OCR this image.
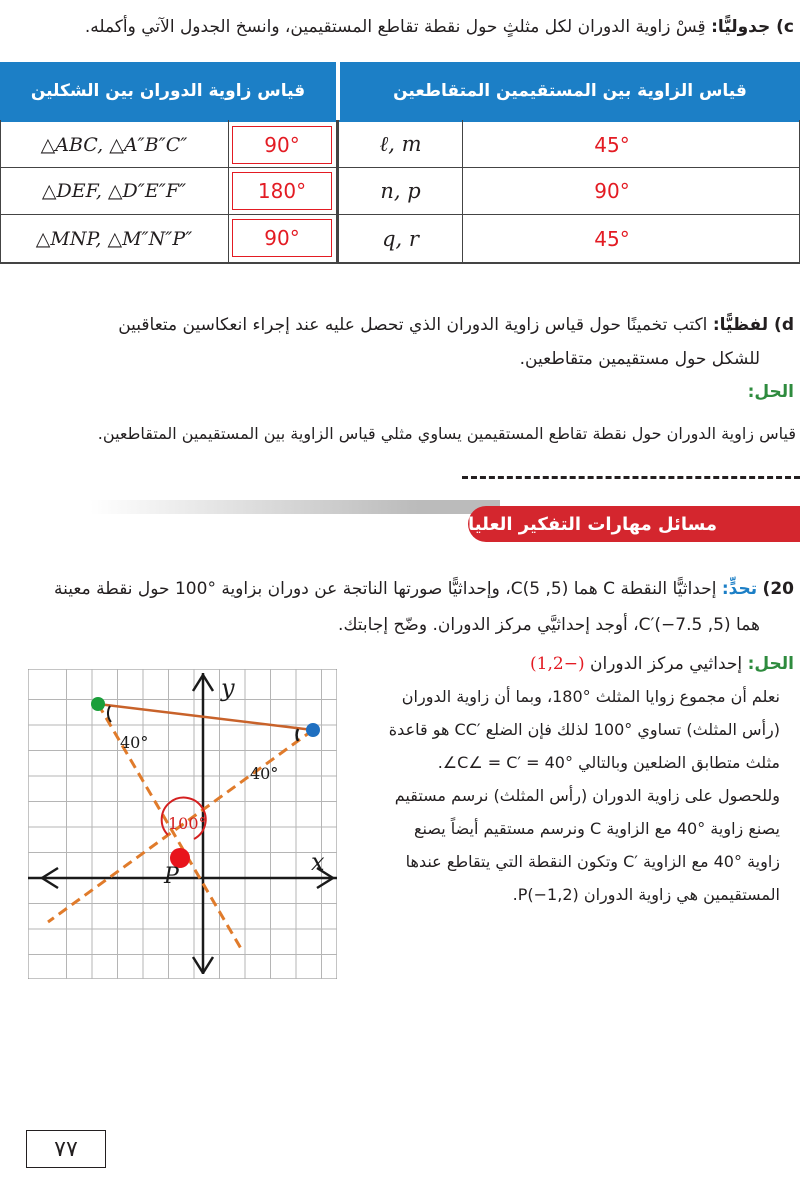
c) جدوليًّا: قِسْ زاوية الدوران لكل مثلثٍ حول نقطة تقاطع المستقيمين، وانسخ الجدول الآتي وأكمله.
قياس الزاوية بين المستقيمين المتقاطعين
قياس زاوية الدوران بين الشكلين
△ABC, △A″B″C″	90°	ℓ, m	45°
△DEF, △D″E″F″	180°	n, p	90°
△MNP, △M″N″P″	90°	q, r	45°
d) لفظيًّا: اكتب تخمينًا حول قياس زاوية الدوران الذي تحصل عليه عند إجراء انعكاسين متعاقبين
للشكل حول مستقيمين متقاطعين.
الحل:
قياس زاوية الدوران حول نقطة تقاطع المستقيمين يساوي مثلي قياس الزاوية بين المستقيمين المتقاطعين.
مسائل مهارات التفكير العليا
20) تحدٍّ: إحداثيًّا النقطة C هما (5, 5)C، وإحداثيًّا صورتها الناتجة عن دوران بزاوية °100 حول نقطة معينة
هما (5, 7.5−)′C، أوجد إحداثيَّي مركز الدوران. وضّح إجابتك.
الحل: إحداثيي مركز الدوران (−1,2)
y
x
P
40°
40°
100°
نعلم أن مجموع زوايا المثلث °180، وبما أن زاوية الدوران
(رأس المثلث) تساوي °100 لذلك فإن الضلع ′CC هو قاعدة
مثلث متطابق الضلعين وبالتالي °40 = ′C∠ = C∠.
وللحصول على زاوية الدوران (رأس المثلث) نرسم مستقيم
يصنع زاوية °40 مع الزاوية C ونرسم مستقيم أيضاً يصنع
زاوية °40 مع الزاوية ′C وتكون النقطة التي يتقاطع عندها
المستقيمين هي زاوية الدوران P(−1,2).
٧٧
